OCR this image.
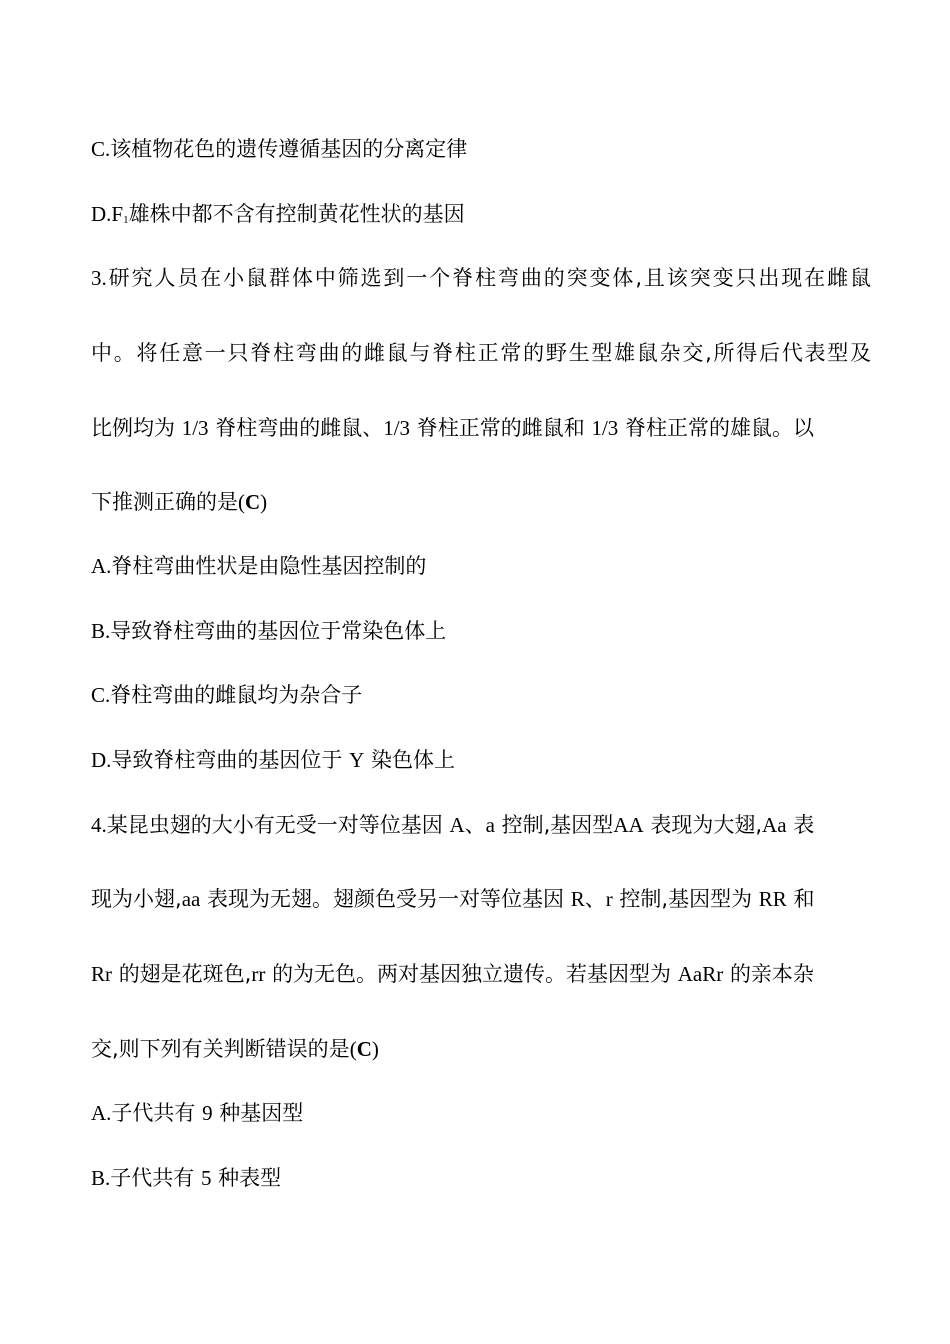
C.该植物花色的遗传遵循基因的分离定律
$D.F_1$雄株中都不含有控制黄花性状的基因
3.研究人员在小鼠群体中筛选到一个脊柱弯曲的突变体,且该突变只出现在雌鼠
中。将任意一只脊柱弯曲的雌鼠与脊柱正常的野生型雄鼠杂交,所得后代表型及
比例均为 1/3 脊柱弯曲的雌鼠、1/3 脊柱正常的雌鼠和 1/3 脊柱正常的雄鼠。以
下推测正确的是(C)
A.脊柱弯曲性状是由隐性基因控制的
B.导致脊柱弯曲的基因位于常染色体上
C.脊柱弯曲的雌鼠均为杂合子
D.导致脊柱弯曲的基因位于 Y 染色体上
4.某昆虫翅的大小有无受一对等位基因 A、a 控制,基因型AA 表现为大翅,Aa 表
现为小翅,aa 表现为无翅。翅颜色受另一对等位基因 R、r 控制,基因型为 RR 和
Rr 的翅是花斑色,rr 的为无色。两对基因独立遗传。若基因型为 AaRr 的亲本杂
交,则下列有关判断错误的是(C)
A.子代共有 9 种基因型
B.子代共有 5 种表型
